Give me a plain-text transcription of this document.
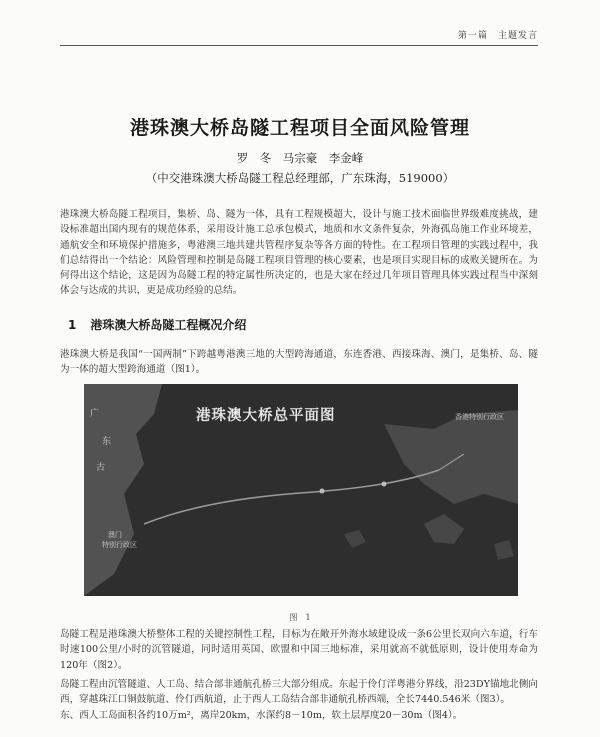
第一篇　主题发言
港珠澳大桥岛隧工程项目全面风险管理
罗　冬　马宗豪　李金峰
（中交港珠澳大桥岛隧工程总经理部，广东珠海，519000）

港珠澳大桥岛隧工程项目，集桥、岛、隧为一体，具有工程规模超大，设计与施工技术面临世界级难度挑战，建设标准超出国内现有的规范体系，采用设计施工总承包模式，地质和水文条件复杂，外海孤岛施工作业环境差，通航安全和环境保护措施多，粤港澳三地共建共管程序复杂等各方面的特性。在工程项目管理的实践过程中，我们总结得出一个结论：风险管理和控制是岛隧工程项目管理的核心要素，也是项目实现目标的成败关键所在。为何得出这个结论，这是因为岛隧工程的特定属性所决定的，也是大家在经过几年项目管理具体实践过程当中深刻体会与达成的共识，更是成功经验的总结。

1 港珠澳大桥岛隧工程概况介绍

港珠澳大桥是我国“一国两制”下跨越粤港澳三地的大型跨海通道，东连香港、西接珠海、澳门，是集桥、岛、隧为一体的超大型跨海通道（图1）。

港珠澳大桥总平面图	香港特别行政区
澳门
特别行政区
广
东
古
图　1

岛隧工程是港珠澳大桥整体工程的关键控制性工程，目标为在敞开外海水域建设成一条6公里长双向六车道，行车时速100公里/小时的沉管隧道，同时适用英国、欧盟和中国三地标准，采用就高不就低原则，设计使用寿命为120年（图2）。

岛隧工程由沉管隧道、人工岛、结合部非通航孔桥三大部分组成。东起于伶仃洋粤港分界线，沿23DY锚地北侧向西，穿越珠江口铜鼓航道、伶仃西航道，止于西人工岛结合部非通航孔桥西端，全长7440.546米（图3）。

东、西人工岛面积各约10万m²，离岸20km，水深约8－10m，软土层厚度20－30m（图4）。
